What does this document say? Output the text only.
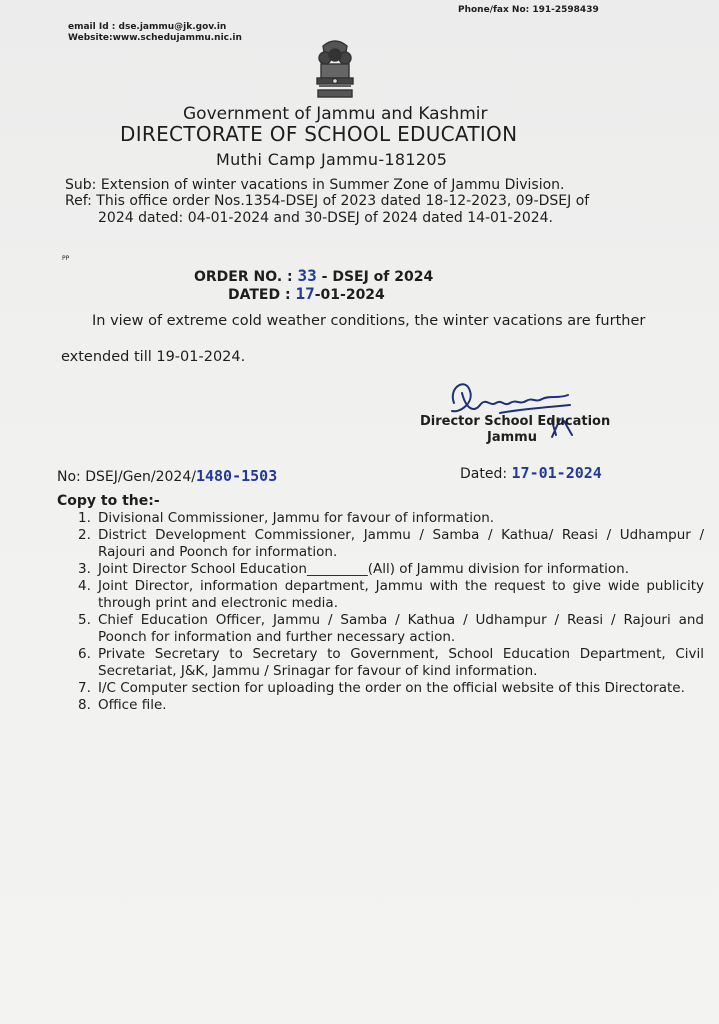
email Id : dse.jammu@jk.gov.in
Website:www.schedujammu.nic.in
Phone/fax No: 191-2598439
Government of Jammu and Kashmir
DIRECTORATE OF SCHOOL EDUCATION
Muthi Camp Jammu-181205
Sub: Extension of winter vacations in Summer Zone of Jammu Division.
Ref: This office order Nos.1354-DSEJ of 2023 dated 18-12-2023, 09-DSEJ of
2024 dated: 04-01-2024 and 30-DSEJ of 2024 dated 14-01-2024.
PP
ORDER NO. : 33 - DSEJ of 2024
DATED : 17-01-2024
In view of extreme cold weather conditions, the winter vacations are further
extended till 19-01-2024.
Director School Education
Jammu
No: DSEJ/Gen/2024/1480-1503	Dated: 17-01-2024
Copy to the:-
1. Divisional Commissioner, Jammu for favour of information.
2. District Development Commissioner, Jammu / Samba / Kathua/ Reasi / Udhampur / Rajouri and Poonch for information.
3. Joint Director School Education_________(All) of Jammu division for information.
4. Joint Director, information department, Jammu with the request to give wide publicity through print and electronic media.
5. Chief Education Officer, Jammu / Samba / Kathua / Udhampur / Reasi / Rajouri and Poonch for information and further necessary action.
6. Private Secretary to Secretary to Government, School Education Department, Civil Secretariat, J&K, Jammu / Srinagar for favour of kind information.
7. I/C Computer section for uploading the order on the official website of this Directorate.
8. Office file.
